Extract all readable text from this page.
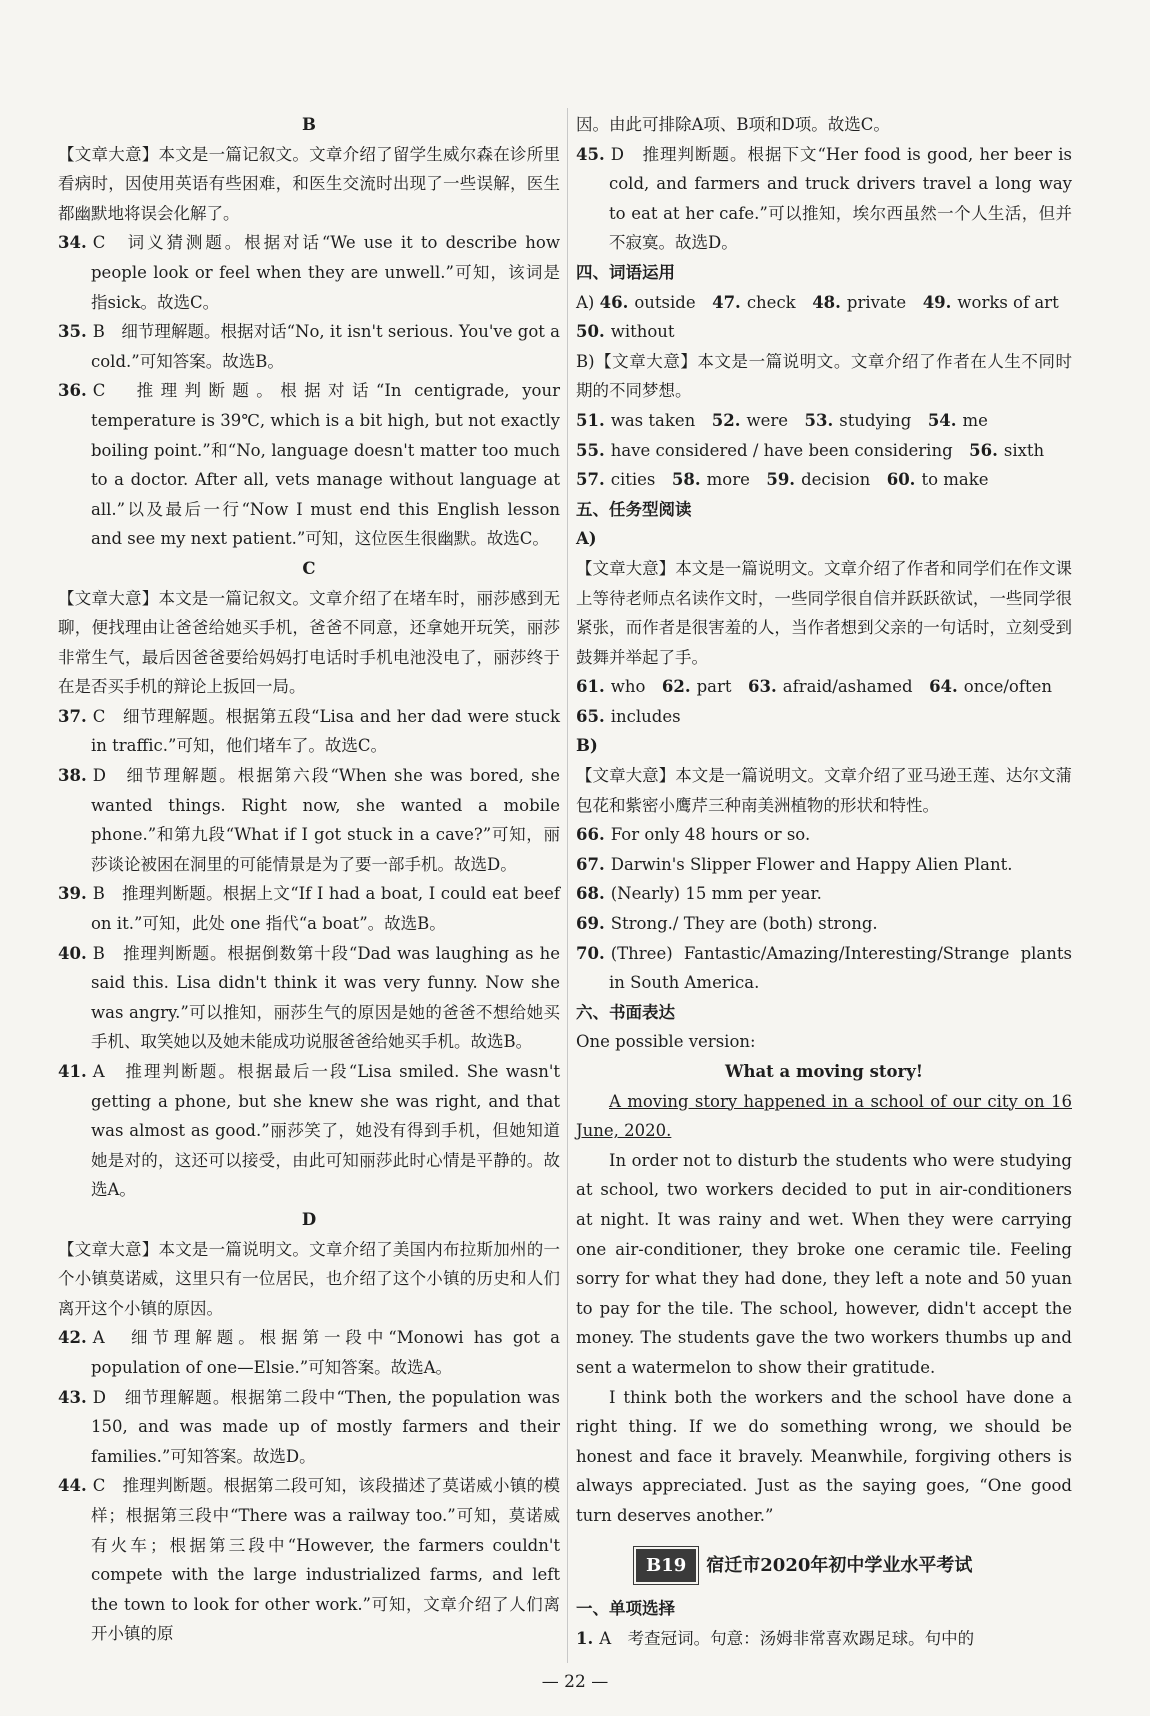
B

【文章大意】本文是一篇记叙文。文章介绍了留学生威尔森在诊所里看病时，因使用英语有些困难，和医生交流时出现了一些误解，医生都幽默地将误会化解了。

34. C　词义猜测题。根据对话“We use it to describe how people look or feel when they are unwell.”可知，该词是指sick。故选C。

35. B　细节理解题。根据对话“No, it isn't serious. You've got a cold.”可知答案。故选B。

36. C　推理判断题。根据对话“In centigrade, your temperature is 39℃, which is a bit high, but not exactly boiling point.”和“No, language doesn't matter too much to a doctor. After all, vets manage without language at all.”以及最后一行“Now I must end this English lesson and see my next patient.”可知，这位医生很幽默。故选C。

C

【文章大意】本文是一篇记叙文。文章介绍了在堵车时，丽莎感到无聊，便找理由让爸爸给她买手机，爸爸不同意，还拿她开玩笑，丽莎非常生气，最后因爸爸要给妈妈打电话时手机电池没电了，丽莎终于在是否买手机的辩论上扳回一局。

37. C　细节理解题。根据第五段“Lisa and her dad were stuck in traffic.”可知，他们堵车了。故选C。

38. D　细节理解题。根据第六段“When she was bored, she wanted things. Right now, she wanted a mobile phone.”和第九段“What if I got stuck in a cave?”可知，丽莎谈论被困在洞里的可能情景是为了要一部手机。故选D。

39. B　推理判断题。根据上文“If I had a boat, I could eat beef on it.”可知，此处 one 指代“a boat”。故选B。

40. B　推理判断题。根据倒数第十段“Dad was laughing as he said this. Lisa didn't think it was very funny. Now she was angry.”可以推知，丽莎生气的原因是她的爸爸不想给她买手机、取笑她以及她未能成功说服爸爸给她买手机。故选B。

41. A　推理判断题。根据最后一段“Lisa smiled. She wasn't getting a phone, but she knew she was right, and that was almost as good.”丽莎笑了，她没有得到手机，但她知道她是对的，这还可以接受，由此可知丽莎此时心情是平静的。故选A。

D

【文章大意】本文是一篇说明文。文章介绍了美国内布拉斯加州的一个小镇莫诺威，这里只有一位居民，也介绍了这个小镇的历史和人们离开这个小镇的原因。

42. A　细节理解题。根据第一段中“Monowi has got a population of one—Elsie.”可知答案。故选A。

43. D　细节理解题。根据第二段中“Then, the population was 150, and was made up of mostly farmers and their families.”可知答案。故选D。

44. C　推理判断题。根据第二段可知，该段描述了莫诺威小镇的模样；根据第三段中“There was a railway too.”可知，莫诺威有火车；根据第三段中“However, the farmers couldn't compete with the large industrialized farms, and left the town to look for other work.”可知，文章介绍了人们离开小镇的原

因。由此可排除A项、B项和D项。故选C。

45. D　推理判断题。根据下文“Her food is good, her beer is cold, and farmers and truck drivers travel a long way to eat at her cafe.”可以推知，埃尔西虽然一个人生活，但并不寂寞。故选D。

四、词语运用

A) 46. outside　 47. check　 48. private　 49. works of art

50. without

B)【文章大意】本文是一篇说明文。文章介绍了作者在人生不同时期的不同梦想。

51. was taken　 52. were　 53. studying　 54. me

55. have considered / have been considering　 56. sixth

57. cities　 58. more　 59. decision　 60. to make

五、任务型阅读

A)

【文章大意】本文是一篇说明文。文章介绍了作者和同学们在作文课上等待老师点名读作文时，一些同学很自信并跃跃欲试，一些同学很紧张，而作者是很害羞的人，当作者想到父亲的一句话时，立刻受到鼓舞并举起了手。

61. who　 62. part　 63. afraid/ashamed　 64. once/often

65. includes

B)

【文章大意】本文是一篇说明文。文章介绍了亚马逊王莲、达尔文蒲包花和紫密小鹰芹三种南美洲植物的形状和特性。

66. For only 48 hours or so.

67. Darwin's Slipper Flower and Happy Alien Plant.

68. (Nearly) 15 mm per year.

69. Strong./ They are (both) strong.

70. (Three) Fantastic/Amazing/Interesting/Strange plants in South America.

六、书面表达

One possible version:

What a moving story!

A moving story happened in a school of our city on 16 June, 2020.

In order not to disturb the students who were studying at school, two workers decided to put in air-conditioners at night. It was rainy and wet. When they were carrying one air-conditioner, they broke one ceramic tile. Feeling sorry for what they had done, they left a note and 50 yuan to pay for the tile. The school, however, didn't accept the money. The students gave the two workers thumbs up and sent a watermelon to show their gratitude.

I think both the workers and the school have done a right thing. If we do something wrong, we should be honest and face it bravely. Meanwhile, forgiving others is always appreciated. Just as the saying goes, “One good turn deserves another.”

B19 宿迁市2020年初中学业水平考试

一、单项选择

1. A　考查冠词。句意：汤姆非常喜欢踢足球。句中的

— 22 —
